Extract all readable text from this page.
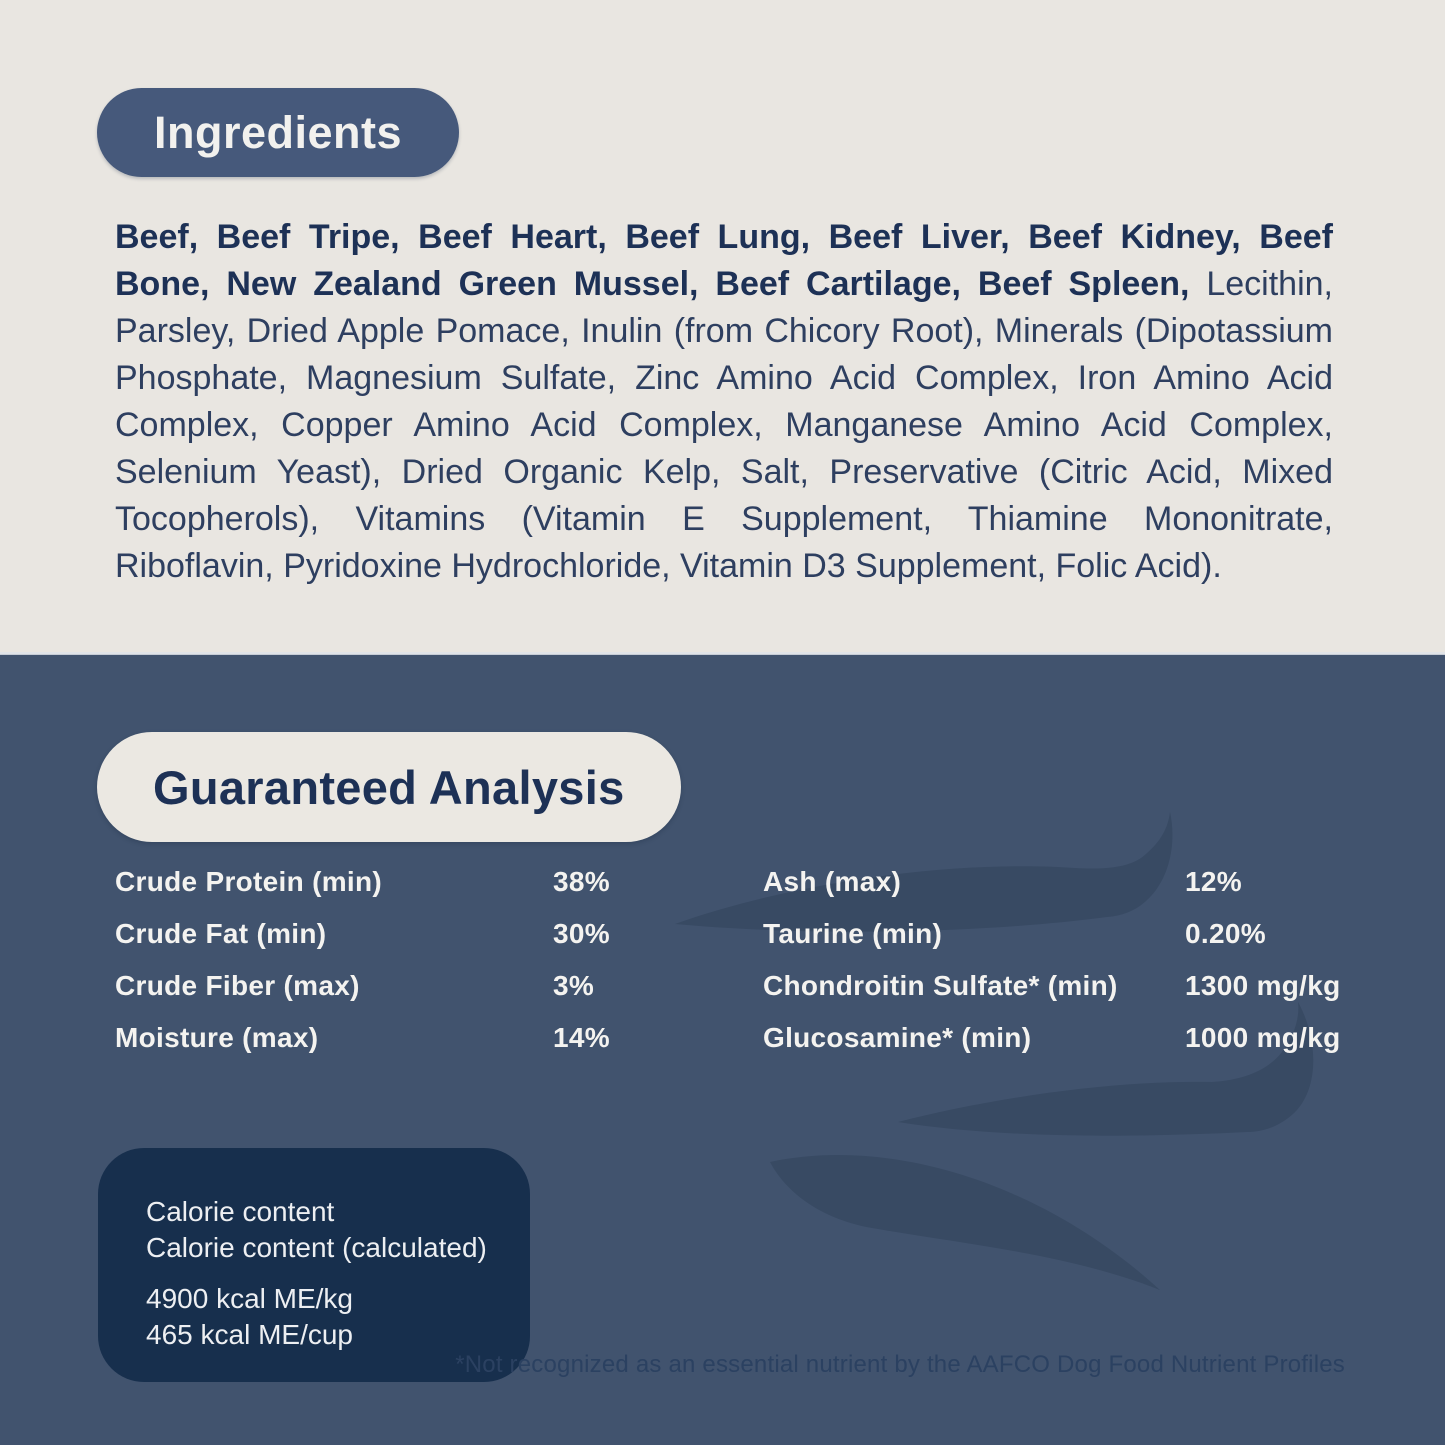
Ingredients

Beef, Beef Tripe, Beef Heart, Beef Lung, Beef Liver, Beef Kidney, Beef Bone, New Zealand Green Mussel, Beef Cartilage, Beef Spleen, Lecithin, Parsley, Dried Apple Pomace, Inulin (from Chicory Root), Minerals (Dipotassium Phosphate, Magnesium Sulfate, Zinc Amino Acid Complex, Iron Amino Acid Complex, Copper Amino Acid Complex, Manganese Amino Acid Complex, Selenium Yeast), Dried Organic Kelp, Salt, Preservative (Citric Acid, Mixed Tocopherols), Vitamins (Vitamin E Supplement, Thiamine Mononitrate, Riboflavin, Pyridoxine Hydrochloride, Vitamin D3 Supplement, Folic Acid).

Guaranteed Analysis
Crude Protein (min)	38%	Ash (max)	12%
Crude Fat (min)	30%	Taurine (min)	0.20%
Crude Fiber (max)	3%	Chondroitin Sulfate* (min)	1300 mg/kg
Moisture (max)	14%	Glucosamine* (min)	1000 mg/kg

Calorie content

Calorie content (calculated)

4900 kcal ME/kg

465 kcal ME/cup

*Not recognized as an essential nutrient by the AAFCO Dog Food Nutrient Profiles
